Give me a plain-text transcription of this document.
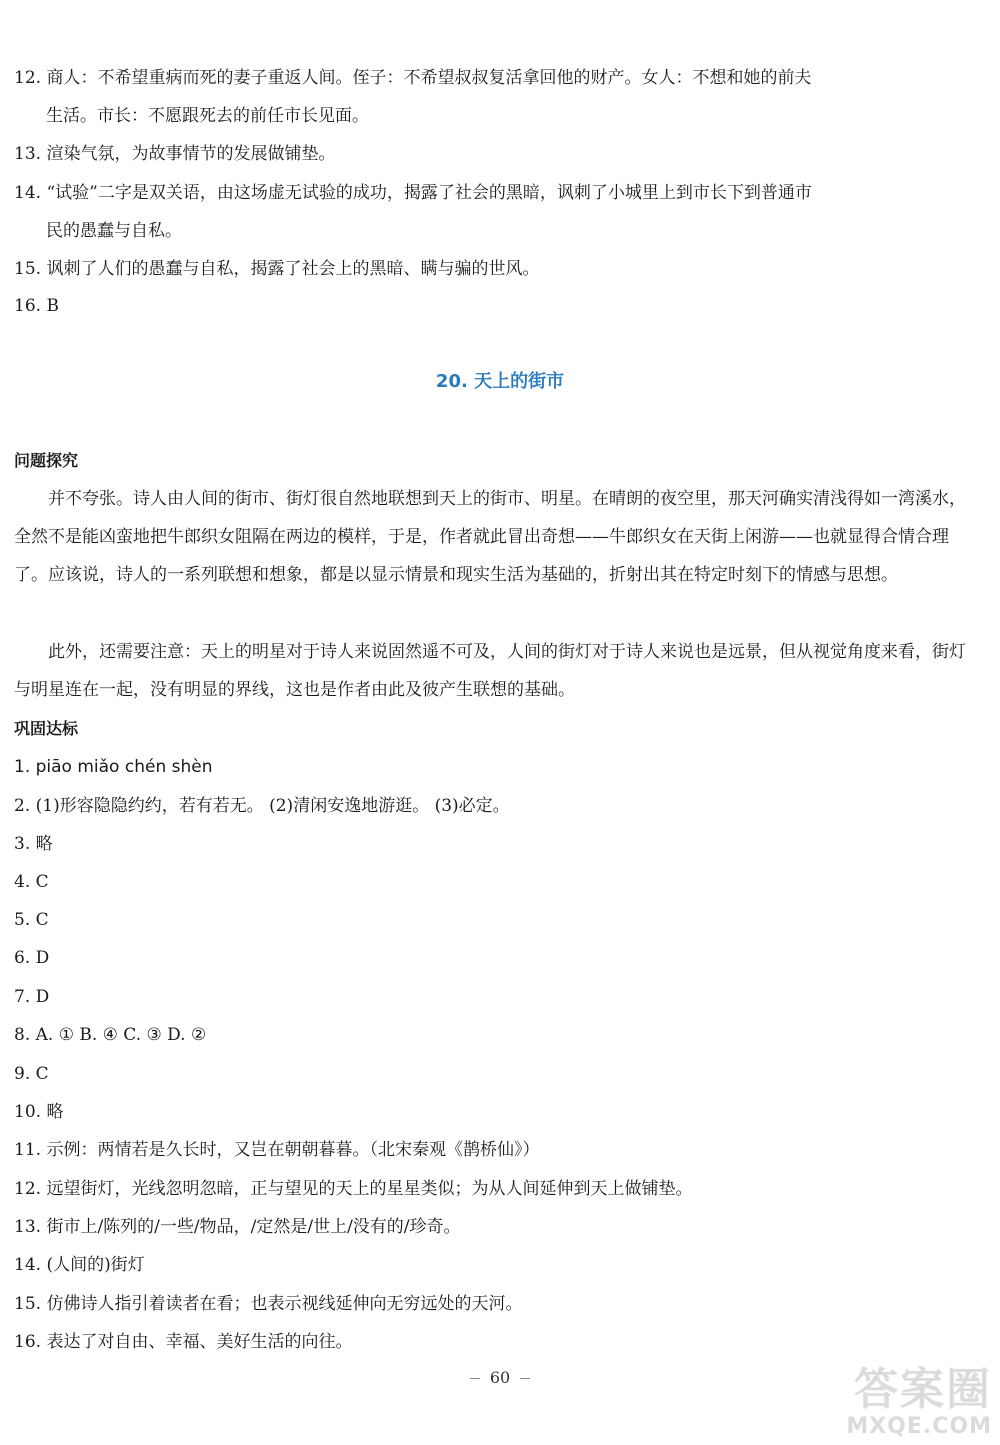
12. 商人：不希望重病而死的妻子重返人间。侄子：不希望叔叔复活拿回他的财产。女人：不想和她的前夫
生活。市长：不愿跟死去的前任市长见面。
13. 渲染气氛，为故事情节的发展做铺垫。
14. “试验”二字是双关语，由这场虚无试验的成功，揭露了社会的黑暗，讽刺了小城里上到市长下到普通市
民的愚蠢与自私。
15. 讽刺了人们的愚蠢与自私，揭露了社会上的黑暗、瞒与骗的世风。
16. B
20. 天上的街市
问题探究
并不夸张。诗人由人间的街市、街灯很自然地联想到天上的街市、明星。在晴朗的夜空里，那天河确实清浅得如一湾溪水，全然不是能凶蛮地把牛郎织女阻隔在两边的模样，于是，作者就此冒出奇想——牛郎织女在天街上闲游——也就显得合情合理了。应该说，诗人的一系列联想和想象，都是以显示情景和现实生活为基础的，折射出其在特定时刻下的情感与思想。
此外，还需要注意：天上的明星对于诗人来说固然遥不可及，人间的街灯对于诗人来说也是远景，但从视觉角度来看，街灯与明星连在一起，没有明显的界线，这也是作者由此及彼产生联想的基础。
巩固达标
1. piāo miǎo chén shèn
2. (1)形容隐隐约约，若有若无。 (2)清闲安逸地游逛。 (3)必定。
3. 略
4. C
5. C
6. D
7. D
8. A. ① B. ④ C. ③ D. ②
9. C
10. 略
11. 示例：两情若是久长时，又岂在朝朝暮暮。（北宋秦观《鹊桥仙》）
12. 远望街灯，光线忽明忽暗，正与望见的天上的星星类似；为从人间延伸到天上做铺垫。
13. 街市上/陈列的/一些/物品，/定然是/世上/没有的/珍奇。
14. (人间的)街灯
15. 仿佛诗人指引着读者在看；也表示视线延伸向无穷远处的天河。
16. 表达了对自由、幸福、美好生活的向往。
60	答案圈
MXQE.COM
